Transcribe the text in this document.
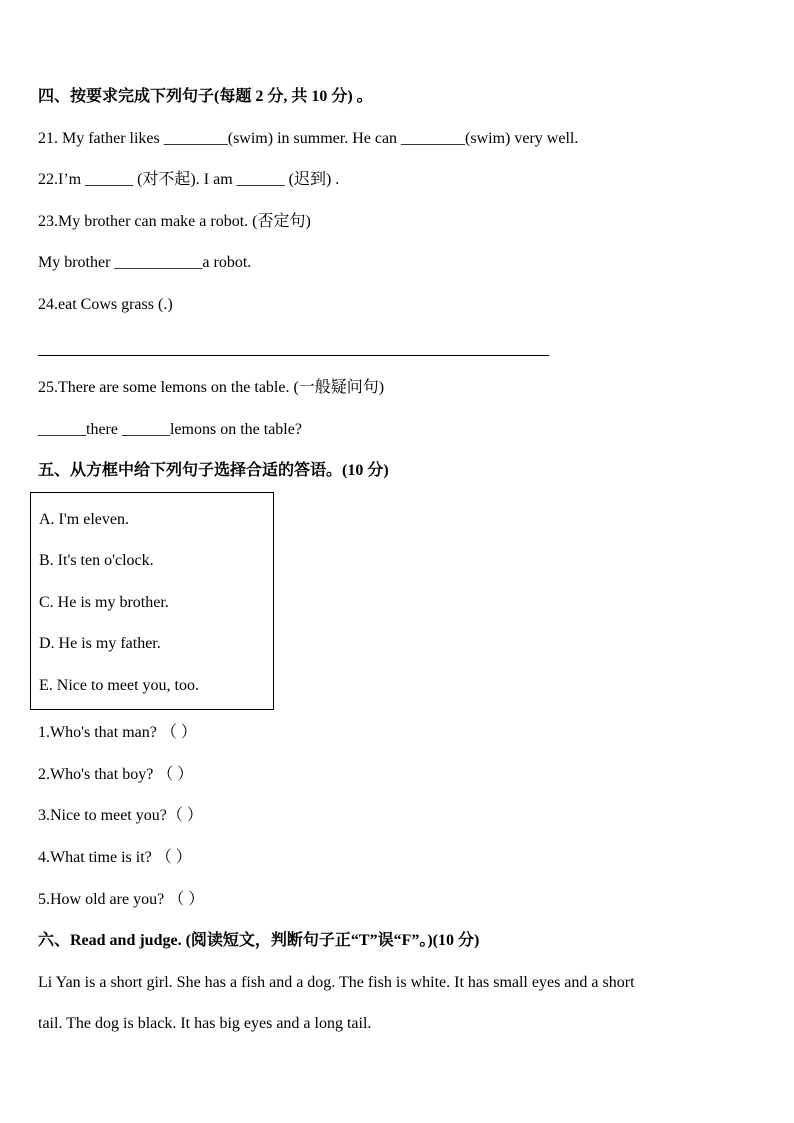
四、按要求完成下列句子(每题 2 分, 共 10 分) 。
21. My father likes ________(swim) in summer. He can ________(swim) very well.
22.I’m ______ (对不起). I am ______ (迟到) .
23.My brother can make a robot. (否定句)
My brother ___________a robot.
24.eat Cows grass (.)
25.There are some lemons on the table. (一般疑问句)
______there ______lemons on the table?
五、从方框中给下列句子选择合适的答语。(10 分)
A. I'm eleven.
B. It's ten o'clock.
C. He is my brother.
D. He is my father.
E. Nice to meet you, too.
1.Who's that man? （ ）
2.Who's that boy? （ ）
3.Nice to meet you?（ ）
4.What time is it? （ ）
5.How old are you? （ ）
六、Read and judge. (阅读短文，判断句子正“T”误“F”。)(10 分)
Li Yan is a short girl. She has a fish and a dog. The fish is white. It has small eyes and a short
tail. The dog is black. It has big eyes and a long tail.
